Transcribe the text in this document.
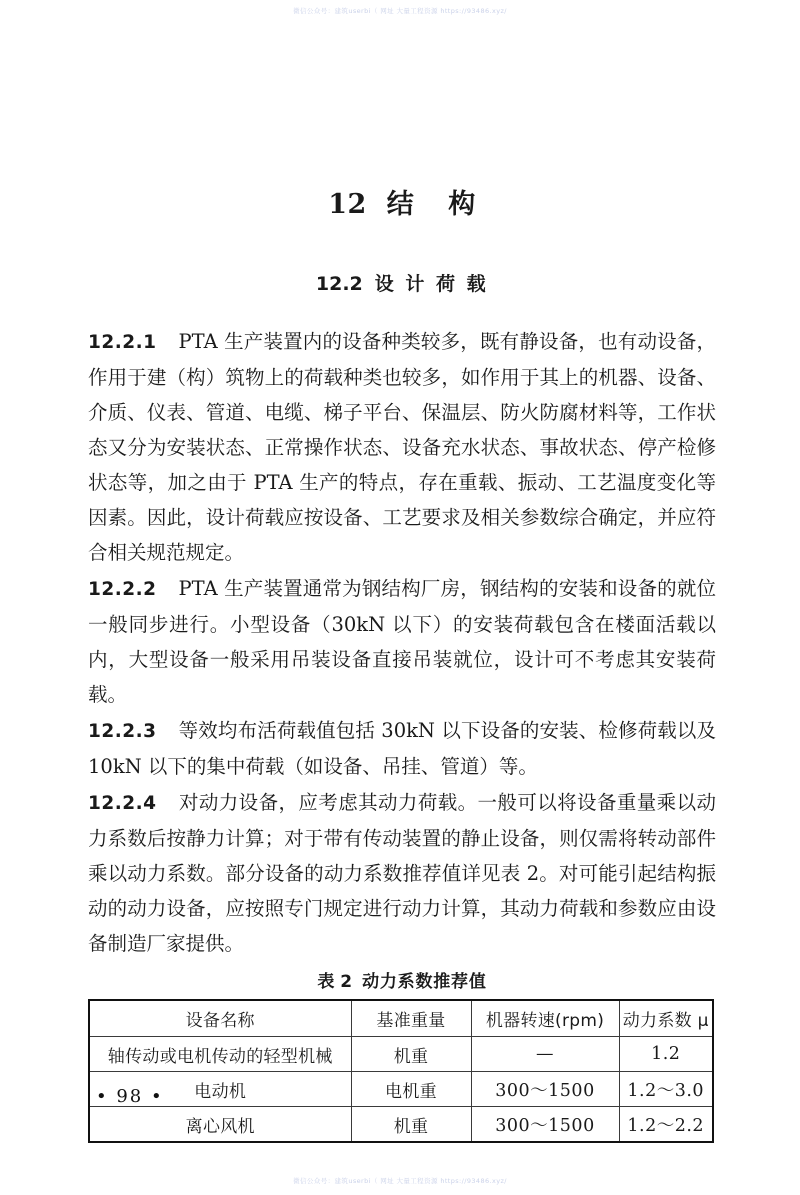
微信公众号：建筑userbi（ 网址 大量工程资源 https://93486.xyz/
12 结 构
12.2 设 计 荷 载

12.2.1 PTA 生产装置内的设备种类较多，既有静设备，也有动设备，作用于建（构）筑物上的荷载种类也较多，如作用于其上的机器、设备、介质、仪表、管道、电缆、梯子平台、保温层、防火防腐材料等，工作状态又分为安装状态、正常操作状态、设备充水状态、事故状态、停产检修状态等，加之由于 PTA 生产的特点，存在重载、振动、工艺温度变化等因素。因此，设计荷载应按设备、工艺要求及相关参数综合确定，并应符合相关规范规定。

12.2.2 PTA 生产装置通常为钢结构厂房，钢结构的安装和设备的就位一般同步进行。小型设备（30kN 以下）的安装荷载包含在楼面活载以内，大型设备一般采用吊装设备直接吊装就位，设计可不考虑其安装荷载。

12.2.3 等效均布活荷载值包括 30kN 以下设备的安装、检修荷载以及 10kN 以下的集中荷载（如设备、吊挂、管道）等。

12.2.4 对动力设备，应考虑其动力荷载。一般可以将设备重量乘以动力系数后按静力计算；对于带有传动装置的静止设备，则仅需将转动部件乘以动力系数。部分设备的动力系数推荐值详见表 2。对可能引起结构振动的动力设备，应按照专门规定进行动力计算，其动力荷载和参数应由设备制造厂家提供。

表 2 动力系数推荐值
设备名称	基准重量	机器转速(rpm)	动力系数 μ
轴传动或电机传动的轻型机械	机重	—	1.2
电动机	电机重	300～1500	1.2～3.0
离心风机	机重	300～1500	1.2～2.2
• 98 •
微信公众号：建筑userbi（ 网址 大量工程资源 https://93486.xyz/
